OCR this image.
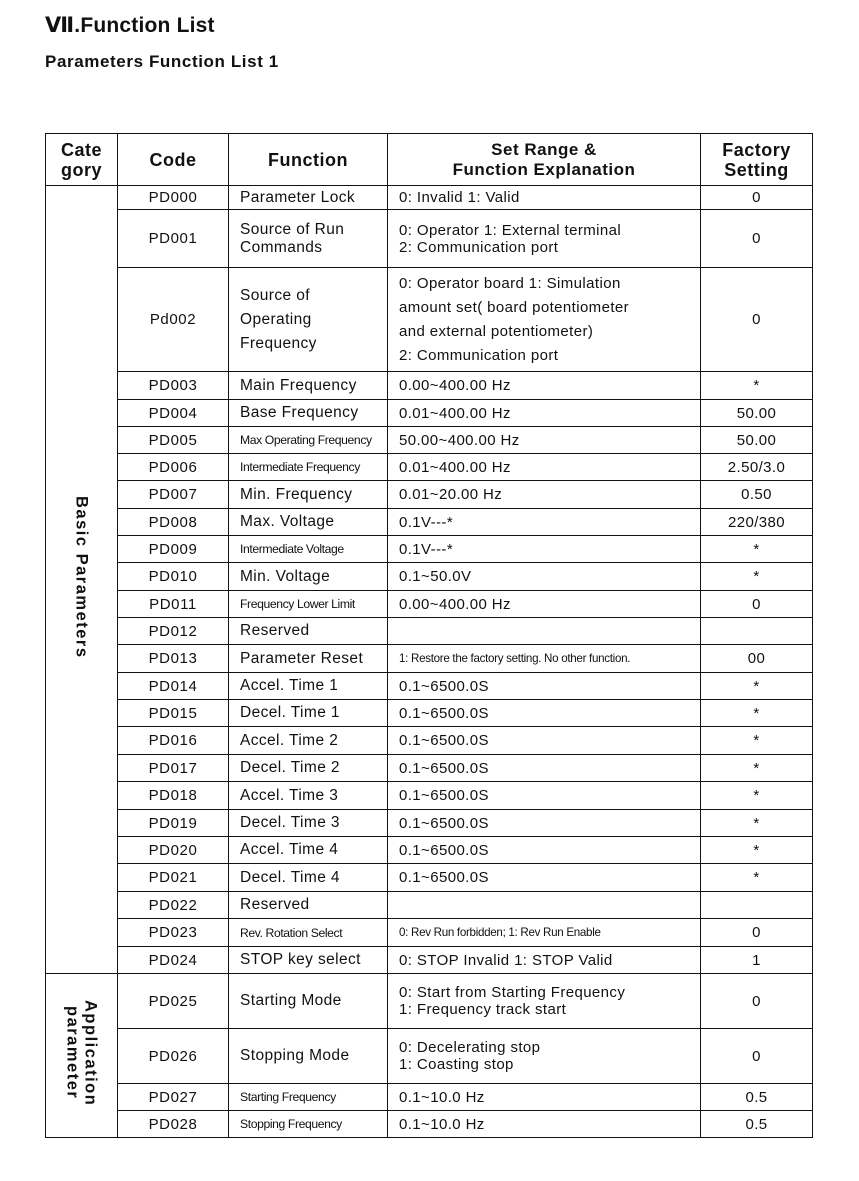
Ⅶ.Function List
Parameters Function List 1
Cate
gory	Code	Function	Set Range &
Function Explanation	Factory
Setting
Basic Parameters	PD000	Parameter Lock	0: Invalid 1: Valid	0
	PD001	Source of Run
Commands	0: Operator 1: External terminal
2: Communication port	0
	Pd002	Source of
Operating
Frequency	0: Operator board 1: Simulation
amount set( board potentiometer
and external potentiometer)
2: Communication port	0
	PD003	Main Frequency	0.00~400.00 Hz	*
	PD004	Base Frequency	0.01~400.00 Hz	50.00
	PD005	Max Operating Frequency	50.00~400.00 Hz	50.00
	PD006	Intermediate Frequency	0.01~400.00 Hz	2.50/3.0
	PD007	Min. Frequency	0.01~20.00 Hz	0.50
	PD008	Max. Voltage	0.1V---*	220/380
	PD009	Intermediate Voltage	0.1V---*	*
	PD010	Min. Voltage	0.1~50.0V	*
	PD011	Frequency Lower Limit	0.00~400.00 Hz	0
	PD012	Reserved		
	PD013	Parameter Reset	1: Restore the factory setting. No other function.	00
	PD014	Accel. Time 1	0.1~6500.0S	*
	PD015	Decel. Time 1	0.1~6500.0S	*
	PD016	Accel. Time 2	0.1~6500.0S	*
	PD017	Decel. Time 2	0.1~6500.0S	*
	PD018	Accel. Time 3	0.1~6500.0S	*
	PD019	Decel. Time 3	0.1~6500.0S	*
	PD020	Accel. Time 4	0.1~6500.0S	*
	PD021	Decel. Time 4	0.1~6500.0S	*
	PD022	Reserved		
	PD023	Rev. Rotation Select	0: Rev Run forbidden; 1: Rev Run Enable	0
	PD024	STOP key select	0: STOP Invalid 1: STOP Valid	1
Application
parameter	PD025	Starting Mode	0: Start from Starting Frequency
1: Frequency track start	0
	PD026	Stopping Mode	0: Decelerating stop
1: Coasting stop	0
	PD027	Starting Frequency	0.1~10.0 Hz	0.5
	PD028	Stopping Frequency	0.1~10.0 Hz	0.5
